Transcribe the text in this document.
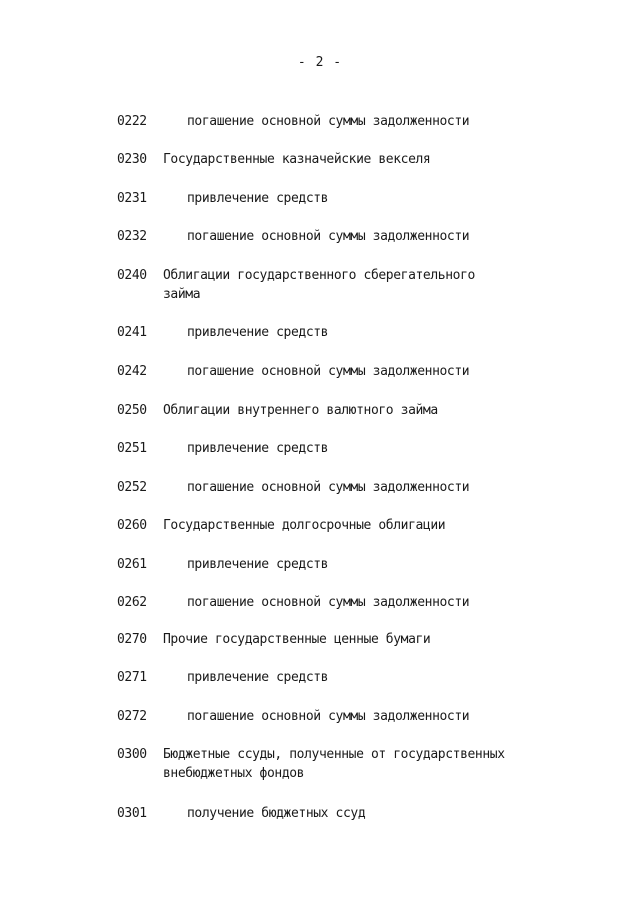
- 2 -
0222	погашение основной суммы задолженности
0230	Государственные казначейские векселя
0231	привлечение средств
0232	погашение основной суммы задолженности
0240	Облигации государственного сберегательного
займа
0241	привлечение средств
0242	погашение основной суммы задолженности
0250	Облигации внутреннего валютного займа
0251	привлечение средств
0252	погашение основной суммы задолженности
0260	Государственные долгосрочные облигации
0261	привлечение средств
0262	погашение основной суммы задолженности
0270	Прочие государственные ценные бумаги
0271	привлечение средств
0272	погашение основной суммы задолженности
0300	Бюджетные ссуды, полученные от государственных
внебюджетных фондов
0301	получение бюджетных ссуд
